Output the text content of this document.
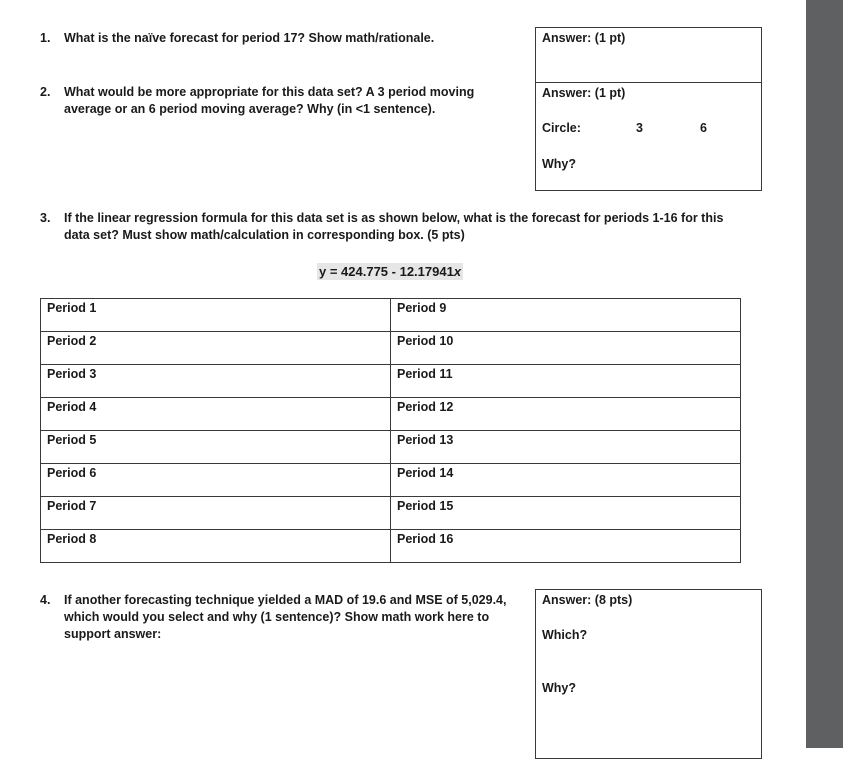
1. What is the naïve forecast for period 17? Show math/rationale.	Answer: (1 pt)
2. What would be more appropriate for this data set? A 3 period moving
average or an 6 period moving average? Why (in <1 sentence).
Answer: (1 pt)
Circle:	3	6
Why?
3. If the linear regression formula for this data set is as shown below, what is the forecast for periods 1-16 for this
data set? Must show math/calculation in corresponding box. (5 pts)
y = 424.775 - 12.17941x
Period 1	Period 9
Period 2	Period 10
Period 3	Period 11
Period 4	Period 12
Period 5	Period 13
Period 6	Period 14
Period 7	Period 15
Period 8	Period 16
4. If another forecasting technique yielded a MAD of 19.6 and MSE of 5,029.4,
which would you select and why (1 sentence)? Show math work here to
support answer:
Answer: (8 pts)
Which?
Why?
